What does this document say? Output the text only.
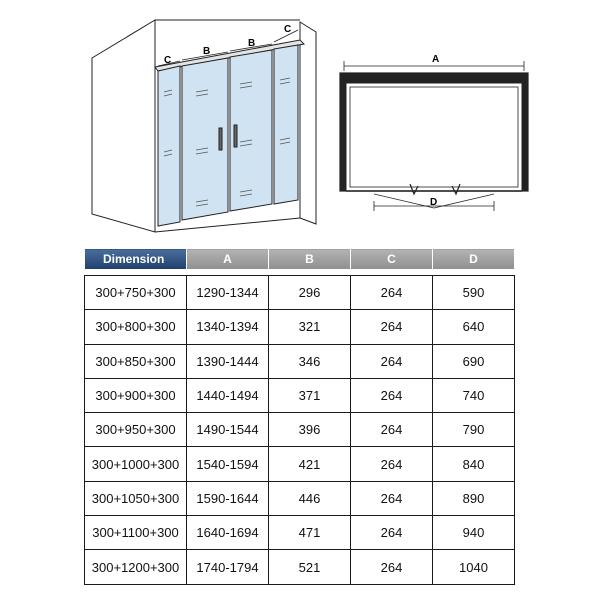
C
B
B
C
A
D
Dimension	A	B	C	D

300+750+300	1290-1344	296	264	590
300+800+300	1340-1394	321	264	640
300+850+300	1390-1444	346	264	690
300+900+300	1440-1494	371	264	740
300+950+300	1490-1544	396	264	790
300+1000+300	1540-1594	421	264	840
300+1050+300	1590-1644	446	264	890
300+1100+300	1640-1694	471	264	940
300+1200+300	1740-1794	521	264	1040
